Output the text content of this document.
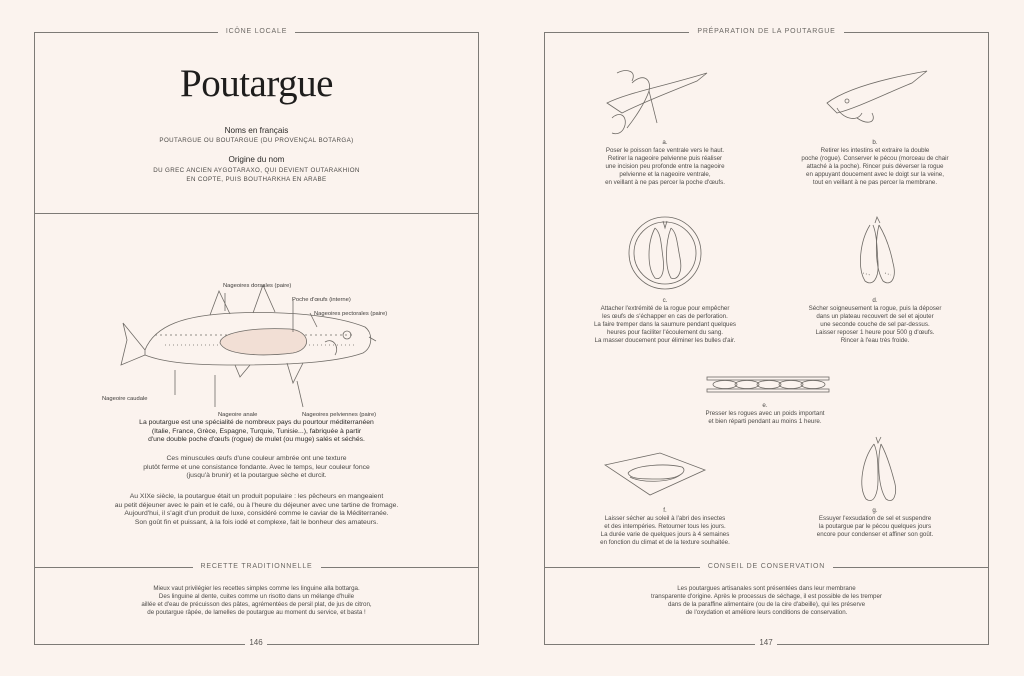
ICÔNE LOCALE
Poutargue
Noms en français
POUTARGUE OU BOUTARGUE (DU PROVENÇAL BOTARGA)
Origine du nom
DU GREC ANCIEN AYGOTARAXO, QUI DEVIENT OUTARAKHION
EN COPTE, PUIS BOUTHARKHA EN ARABE
Nageoires dorsales (paire)
Poche d'œufs (interne)
Nageoires pectorales (paire)
Nageoire caudale
Nageoire anale	Nageoires pelviennes (paire)
La poutargue est une spécialité de nombreux pays du pourtour méditerranéen
(Italie, France, Grèce, Espagne, Turquie, Tunisie...), fabriquée à partir
d'une double poche d'œufs (rogue) de mulet (ou muge) salés et séchés.
Ces minuscules œufs d'une couleur ambrée ont une texture
plutôt ferme et une consistance fondante. Avec le temps, leur couleur fonce
(jusqu'à brunir) et la poutargue sèche et durcit.
Au XIXe siècle, la poutargue était un produit populaire : les pêcheurs en mangeaient
au petit déjeuner avec le pain et le café, ou à l'heure du déjeuner avec une tartine de fromage.
Aujourd'hui, il s'agit d'un produit de luxe, considéré comme le caviar de la Méditerranée.
Son goût fin et puissant, à la fois iodé et complexe, fait le bonheur des amateurs.
RECETTE TRADITIONNELLE
Mieux vaut privilégier les recettes simples comme les linguine alla bottarga.
Des linguine al dente, cuites comme un risotto dans un mélange d'huile
aillée et d'eau de précuisson des pâtes, agrémentées de persil plat, de jus de citron,
de poutargue râpée, de lamelles de poutargue au moment du service, et basta !
146
PRÉPARATION DE LA POUTARGUE
a.
Poser le poisson face ventrale vers le haut.
Retirer la nageoire pelvienne puis réaliser
une incision peu profonde entre la nageoire
pelvienne et la nageoire ventrale,
en veillant à ne pas percer la poche d'œufs.
b.
Retirer les intestins et extraire la double
poche (rogue). Conserver le pécou (morceau de chair
attaché à la poche). Rincer puis déverser la rogue
en appuyant doucement avec le doigt sur la veine,
tout en veillant à ne pas percer la membrane.
c.
Attacher l'extrémité de la rogue pour empêcher
les œufs de s'échapper en cas de perforation.
La faire tremper dans la saumure pendant quelques
heures pour faciliter l'écoulement du sang.
La masser doucement pour éliminer les bulles d'air.
d.
Sécher soigneusement la rogue, puis la déposer
dans un plateau recouvert de sel et ajouter
une seconde couche de sel par-dessus.
Laisser reposer 1 heure pour 500 g d'œufs.
Rincer à l'eau très froide.
e.
Presser les rogues avec un poids important
et bien réparti pendant au moins 1 heure.
f.
Laisser sécher au soleil à l'abri des insectes
et des intempéries. Retourner tous les jours.
La durée varie de quelques jours à 4 semaines
en fonction du climat et de la texture souhaitée.
g.
Essuyer l'exsudation de sel et suspendre
la poutargue par le pécou quelques jours
encore pour condenser et affiner son goût.
CONSEIL DE CONSERVATION
Les poutargues artisanales sont présentées dans leur membrane
transparente d'origine. Après le processus de séchage, il est possible de les tremper
dans de la paraffine alimentaire (ou de la cire d'abeille), qui les préserve
de l'oxydation et améliore leurs conditions de conservation.
147
